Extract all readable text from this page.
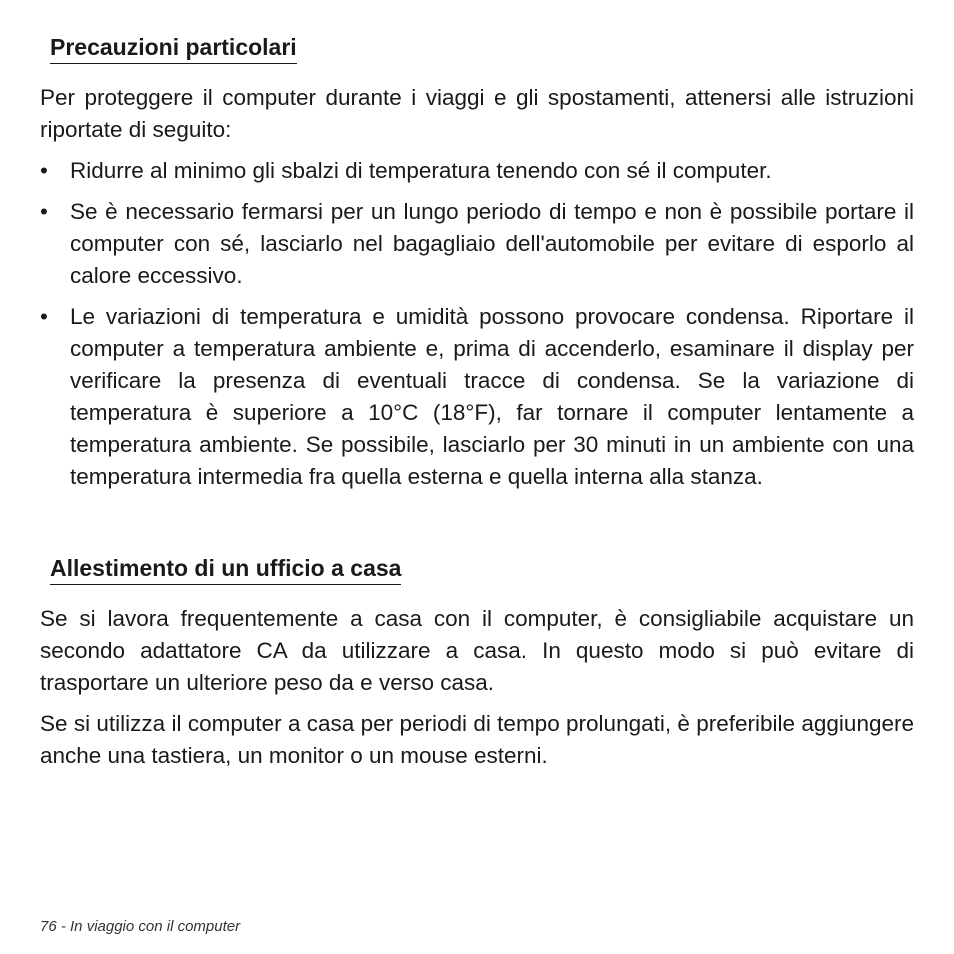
Precauzioni particolari

Per proteggere il computer durante i viaggi e gli spostamenti, attenersi alle istruzioni riportate di seguito:

• Ridurre al minimo gli sbalzi di temperatura tenendo con sé il computer.
• Se è necessario fermarsi per un lungo periodo di tempo e non è possibile portare il computer con sé, lasciarlo nel bagagliaio dell'automobile per evitare di esporlo al calore eccessivo.
• Le variazioni di temperatura e umidità possono provocare condensa. Riportare il computer a temperatura ambiente e, prima di accenderlo, esaminare il display per verificare la presenza di eventuali tracce di condensa. Se la variazione di temperatura è superiore a 10°C (18°F), far tornare il computer lentamente a temperatura ambiente. Se possibile, lasciarlo per 30 minuti in un ambiente con una temperatura intermedia fra quella esterna e quella interna alla stanza.
Allestimento di un ufficio a casa

Se si lavora frequentemente a casa con il computer, è consigliabile acquistare un secondo adattatore CA da utilizzare a casa. In questo modo si può evitare di trasportare un ulteriore peso da e verso casa.

Se si utilizza il computer a casa per periodi di tempo prolungati, è preferibile aggiungere anche una tastiera, un monitor o un mouse esterni.

76 - In viaggio con il computer
